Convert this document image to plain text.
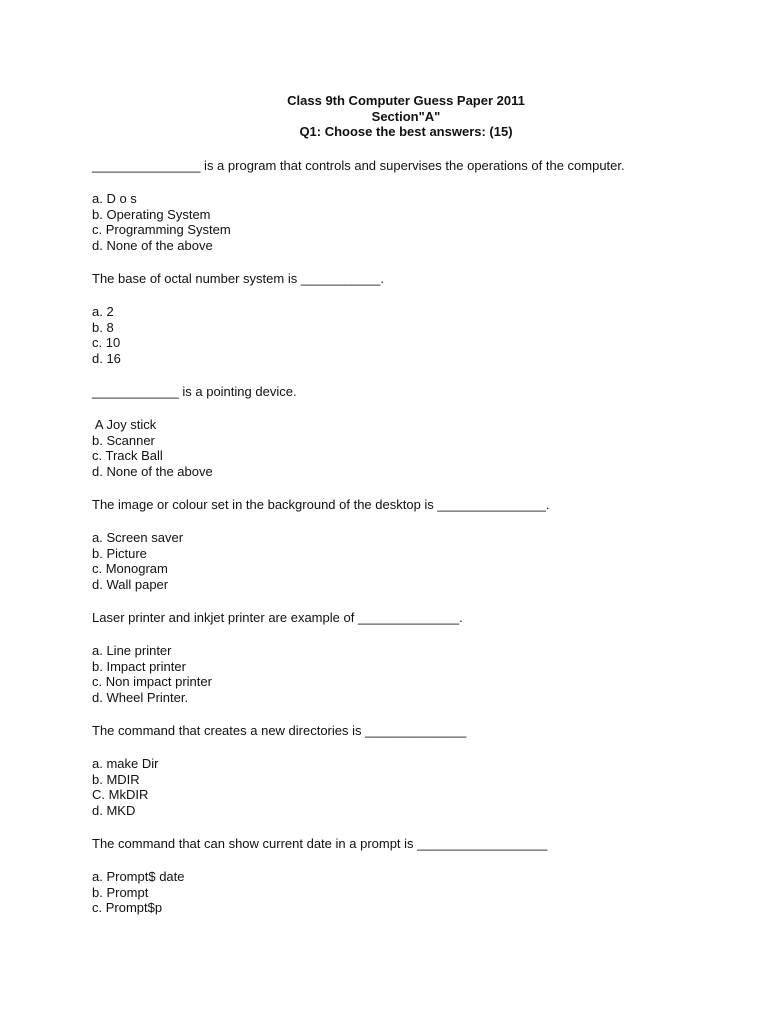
Class 9th Computer Guess Paper 2011
Section"A"
Q1: Choose the best answers: (15)
_______________ is a program that controls and supervises the operations of the computer.
a. D o s
b. Operating System
c. Programming System
d. None of the above
The base of octal number system is ___________.
a. 2
b. 8
c. 10
d. 16
____________ is a pointing device.
A Joy stick
b. Scanner
c. Track Ball
d. None of the above
The image or colour set in the background of the desktop is _______________.
a. Screen saver
b. Picture
c. Monogram
d. Wall paper
Laser printer and inkjet printer are example of ______________.
a. Line printer
b. Impact printer
c. Non impact printer
d. Wheel Printer.
The command that creates a new directories is ______________
a. make Dir
b. MDIR
C. MkDIR
d. MKD
The command that can show current date in a prompt is __________________
a. Prompt$ date
b. Prompt
c. Prompt$p
